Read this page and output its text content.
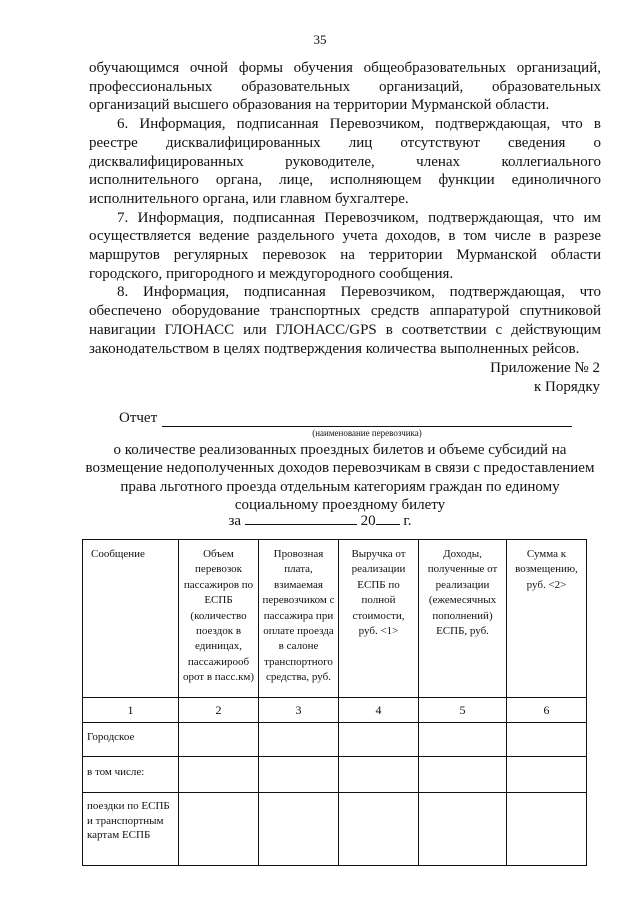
35

обучающимся очной формы обучения общеобразовательных организаций, профессиональных образовательных организаций, образовательных организаций высшего образования на территории Мурманской области.

6. Информация, подписанная Перевозчиком, подтверждающая, что в реестре дисквалифицированных лиц отсутствуют сведения о дисквалифицированных руководителе, членах коллегиального исполнительного органа, лице, исполняющем функции единоличного исполнительного органа, или главном бухгалтере.

7. Информация, подписанная Перевозчиком, подтверждающая, что им осуществляется ведение раздельного учета доходов, в том числе в разрезе маршрутов регулярных перевозок на территории Мурманской области городского, пригородного и междугородного сообщения.

8. Информация, подписанная Перевозчиком, подтверждающая, что обеспечено оборудование транспортных средств аппаратурой спутниковой навигации ГЛОНАСС или ГЛОНАСС/GPS в соответствии с действующим законодательством в целях подтверждения количества выполненных рейсов.

Приложение № 2
к Порядку
Отчет
(наименование перевозчика)
о количестве реализованных проездных билетов и объеме субсидий на возмещение недополученных доходов перевозчикам в связи с предоставлением права льготного проезда отдельным категориям граждан по единому социальному проездному билету
за	20 г.
Сообщение	Объем перевозок пассажиров по ЕСПБ (количество поездок в единицах, пассажирооб орот в пасс.км)	Провозная плата, взимаемая перевозчиком с пассажира при оплате проезда в салоне транспортного средства, руб.	Выручка от реализации ЕСПБ по полной стоимости, руб. <1>	Доходы, полученные от реализации (ежемесячных пополнений) ЕСПБ, руб.	Сумма к возмещению, руб. <2>
1	2	3	4	5	6
Городское					
в том числе:					
поездки по ЕСПБ и транспортным картам ЕСПБ					
